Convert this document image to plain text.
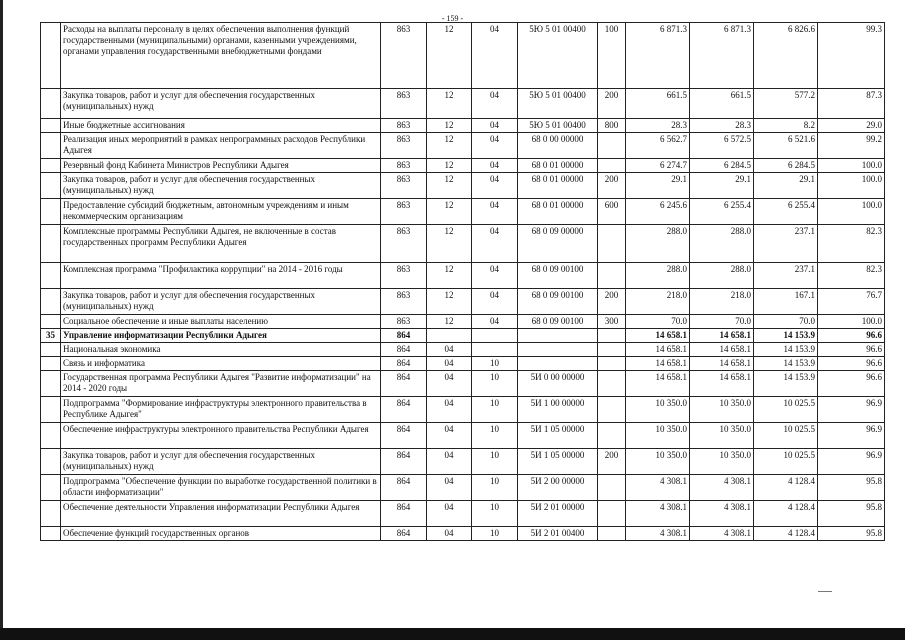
- 159 -
	Расходы на выплаты персоналу в целях обеспечения выполнения функций государственными (муниципальными) органами, казенными учреждениями, органами управления государственными внебюджетными фондами	863	12	04	5Ю 5 01 00400	100	6 871.3	6 871.3	6 826.6	99.3
	Закупка товаров, работ и услуг для обеспечения государственных (муниципальных) нужд	863	12	04	5Ю 5 01 00400	200	661.5	661.5	577.2	87.3
	Иные бюджетные ассигнования	863	12	04	5Ю 5 01 00400	800	28.3	28.3	8.2	29.0
	Реализация иных мероприятий в рамках непрограммных расходов Республики Адыгея	863	12	04	68 0 00 00000		6 562.7	6 572.5	6 521.6	99.2
	Резервный фонд Кабинета Министров Республики Адыгея	863	12	04	68 0 01 00000		6 274.7	6 284.5	6 284.5	100.0
	Закупка товаров, работ и услуг для обеспечения государственных (муниципальных) нужд	863	12	04	68 0 01 00000	200	29.1	29.1	29.1	100.0
	Предоставление субсидий бюджетным, автономным учреждениям и иным некоммерческим организациям	863	12	04	68 0 01 00000	600	6 245.6	6 255.4	6 255.4	100.0
	Комплексные программы Республики Адыгея, не включенные в состав государственных программ Республики Адыгея	863	12	04	68 0 09 00000		288.0	288.0	237.1	82.3
	Комплексная программа "Профилактика коррупции" на 2014 - 2016 годы	863	12	04	68 0 09 00100		288.0	288.0	237.1	82.3
	Закупка товаров, работ и услуг для обеспечения государственных (муниципальных) нужд	863	12	04	68 0 09 00100	200	218.0	218.0	167.1	76.7
	Социальное обеспечение и иные выплаты населению	863	12	04	68 0 09 00100	300	70.0	70.0	70.0	100.0
35	Управление информатизации Республики Адыгея	864					14 658.1	14 658.1	14 153.9	96.6
	Национальная экономика	864	04				14 658.1	14 658.1	14 153.9	96.6
	Связь и информатика	864	04	10			14 658.1	14 658.1	14 153.9	96.6
	Государственная программа Республики Адыгея "Развитие информатизации" на 2014 - 2020 годы	864	04	10	5И 0 00 00000		14 658.1	14 658.1	14 153.9	96.6
	Подпрограмма "Формирование инфраструктуры электронного правительства в Республике Адыгея"	864	04	10	5И 1 00 00000		10 350.0	10 350.0	10 025.5	96.9
	Обеспечение инфраструктуры электронного правительства Республики Адыгея	864	04	10	5И 1 05 00000		10 350.0	10 350.0	10 025.5	96.9
	Закупка товаров, работ и услуг для обеспечения государственных (муниципальных) нужд	864	04	10	5И 1 05 00000	200	10 350.0	10 350.0	10 025.5	96.9
	Подпрограмма "Обеспечение функции по выработке государственной политики в области информатизации"	864	04	10	5И 2 00 00000		4 308.1	4 308.1	4 128.4	95.8
	Обеспечение деятельности Управления информатизации Республики Адыгея	864	04	10	5И 2 01 00000		4 308.1	4 308.1	4 128.4	95.8
	Обеспечение функций государственных органов	864	04	10	5И 2 01 00400		4 308.1	4 308.1	4 128.4	95.8
